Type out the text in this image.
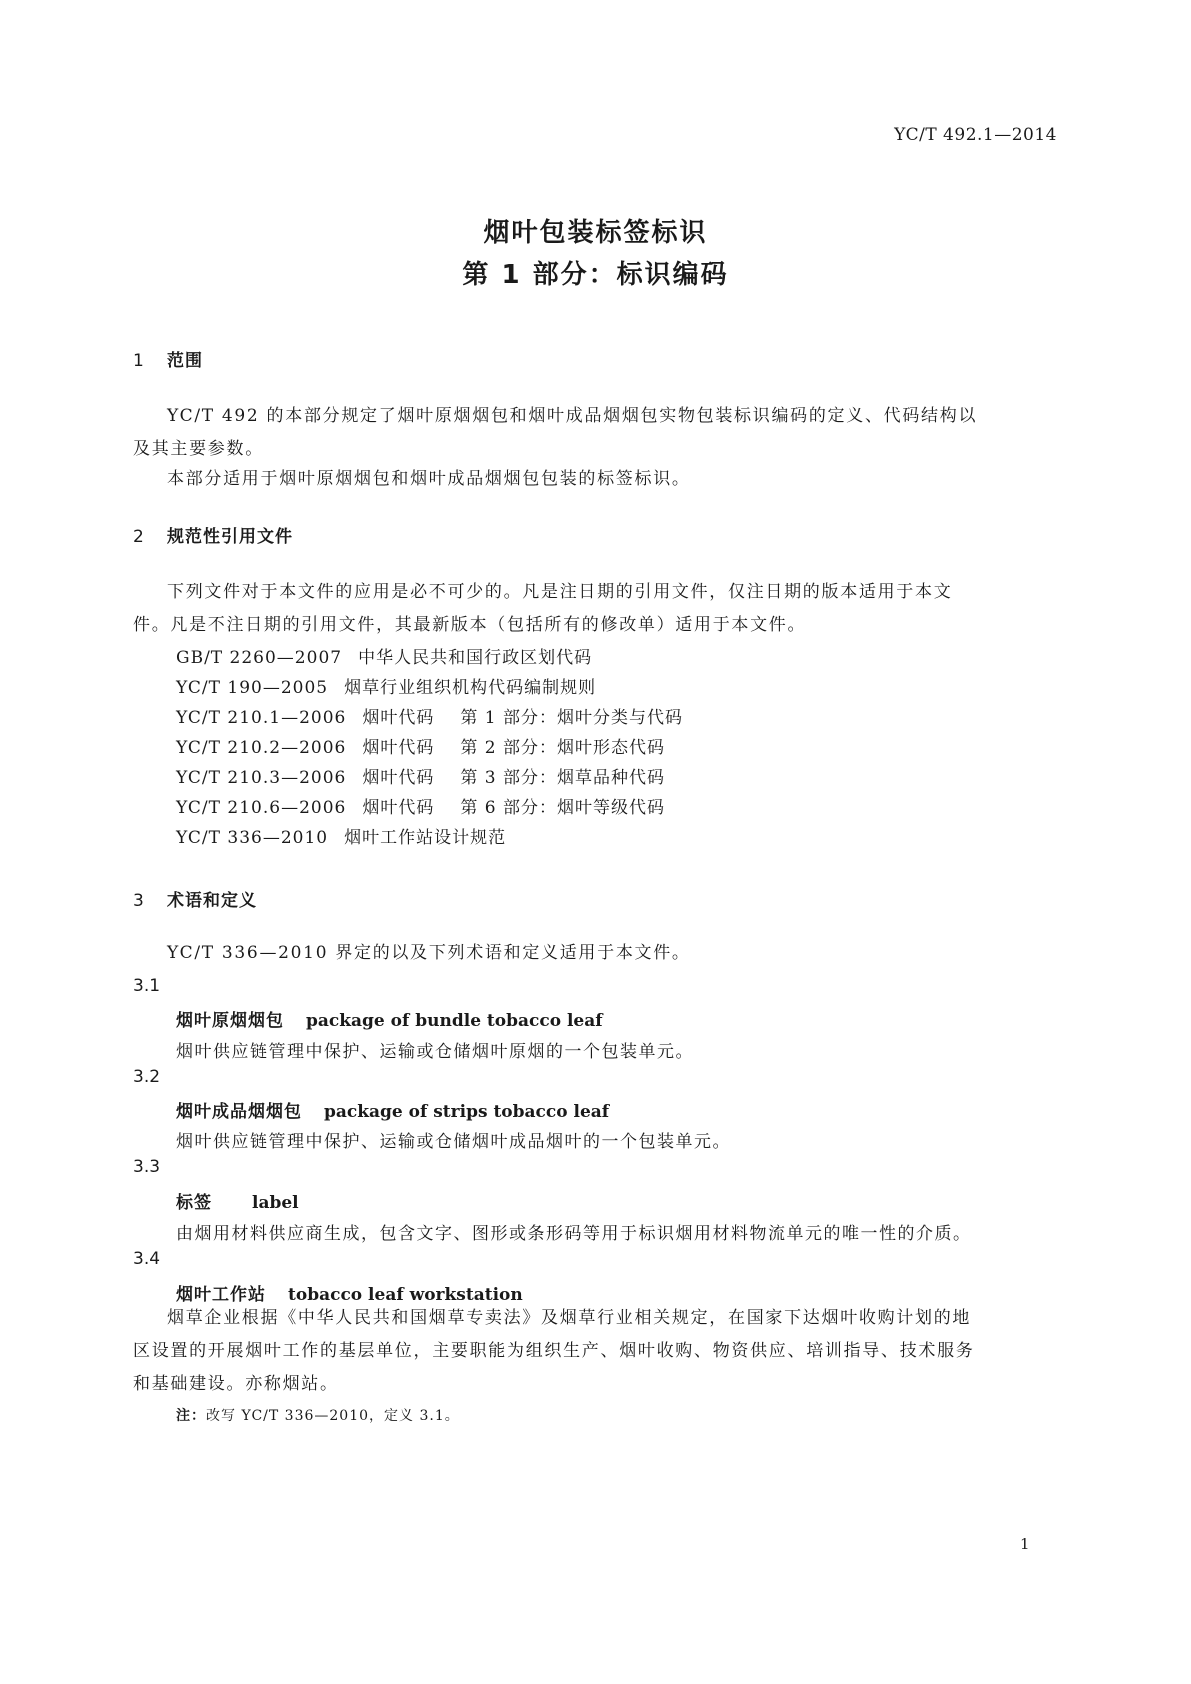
YC/T 492.1—2014
烟叶包装标签标识
第 1 部分：标识编码
1 范围
YC/T 492 的本部分规定了烟叶原烟烟包和烟叶成品烟烟包实物包装标识编码的定义、代码结构以及其主要参数。
本部分适用于烟叶原烟烟包和烟叶成品烟烟包包装的标签标识。
2 规范性引用文件
下列文件对于本文件的应用是必不可少的。凡是注日期的引用文件，仅注日期的版本适用于本文件。凡是不注日期的引用文件，其最新版本（包括所有的修改单）适用于本文件。
GB/T 2260—2007 中华人民共和国行政区划代码
YC/T 190—2005 烟草行业组织机构代码编制规则
YC/T 210.1—2006 烟叶代码 第 1 部分：烟叶分类与代码
YC/T 210.2—2006 烟叶代码 第 2 部分：烟叶形态代码
YC/T 210.3—2006 烟叶代码 第 3 部分：烟草品种代码
YC/T 210.6—2006 烟叶代码 第 6 部分：烟叶等级代码
YC/T 336—2010 烟叶工作站设计规范
3 术语和定义
YC/T 336—2010 界定的以及下列术语和定义适用于本文件。
3.1
烟叶原烟烟包 package of bundle tobacco leaf
烟叶供应链管理中保护、运输或仓储烟叶原烟的一个包装单元。
3.2
烟叶成品烟烟包 package of strips tobacco leaf
烟叶供应链管理中保护、运输或仓储烟叶成品烟叶的一个包装单元。
3.3
标签 label
由烟用材料供应商生成，包含文字、图形或条形码等用于标识烟用材料物流单元的唯一性的介质。
3.4
烟叶工作站 tobacco leaf workstation
烟草企业根据《中华人民共和国烟草专卖法》及烟草行业相关规定，在国家下达烟叶收购计划的地区设置的开展烟叶工作的基层单位，主要职能为组织生产、烟叶收购、物资供应、培训指导、技术服务和基础建设。亦称烟站。
注：改写 YC/T 336—2010，定义 3.1。
1
